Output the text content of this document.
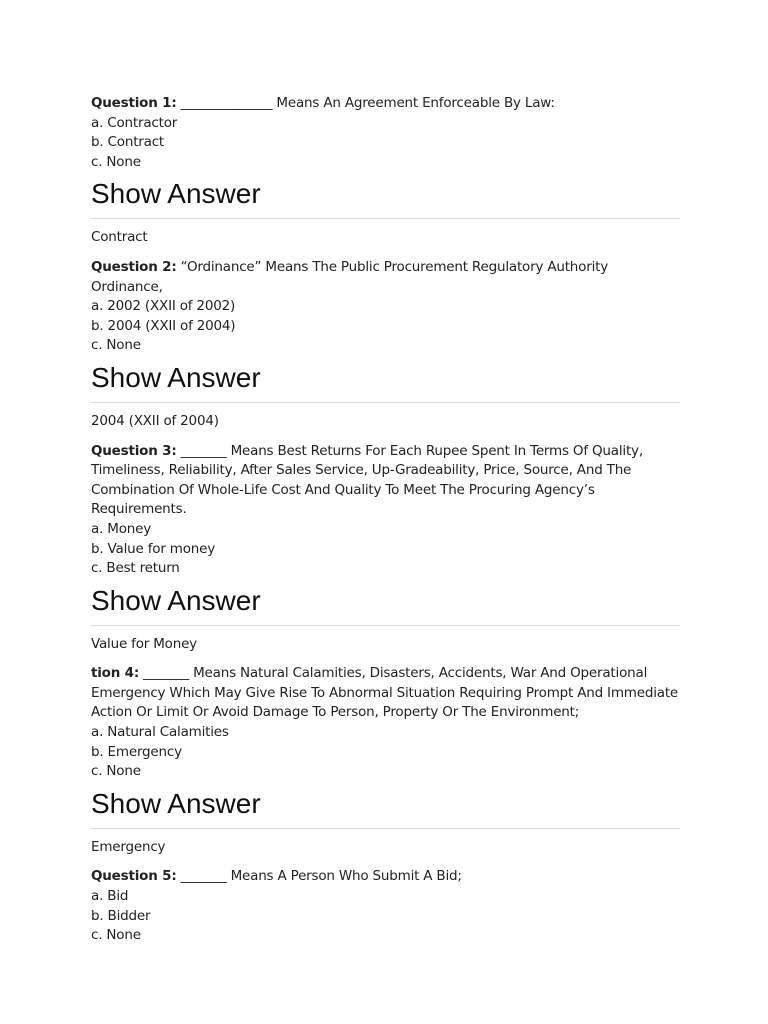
Question 1: ______________ Means An Agreement Enforceable By Law:

a. Contractor

b. Contract

c. None

Show Answer

Contract

Question 2: “Ordinance” Means The Public Procurement Regulatory Authority Ordinance,

a. 2002 (XXII of 2002)

b. 2004 (XXII of 2004)

c. None

Show Answer

2004 (XXII of 2004)

Question 3: _______ Means Best Returns For Each Rupee Spent In Terms Of Quality,

Timeliness, Reliability, After Sales Service, Up-Gradeability, Price, Source, And The

Combination Of Whole-Life Cost And Quality To Meet The Procuring Agency’s

Requirements.

a. Money

b. Value for money

c. Best return

Show Answer

Value for Money

tion 4: _______ Means Natural Calamities, Disasters, Accidents, War And Operational

Emergency Which May Give Rise To Abnormal Situation Requiring Prompt And Immediate

Action Or Limit Or Avoid Damage To Person, Property Or The Environment;

a. Natural Calamities

b. Emergency

c. None

Show Answer

Emergency

Question 5: _______ Means A Person Who Submit A Bid;

a. Bid

b. Bidder

c. None
